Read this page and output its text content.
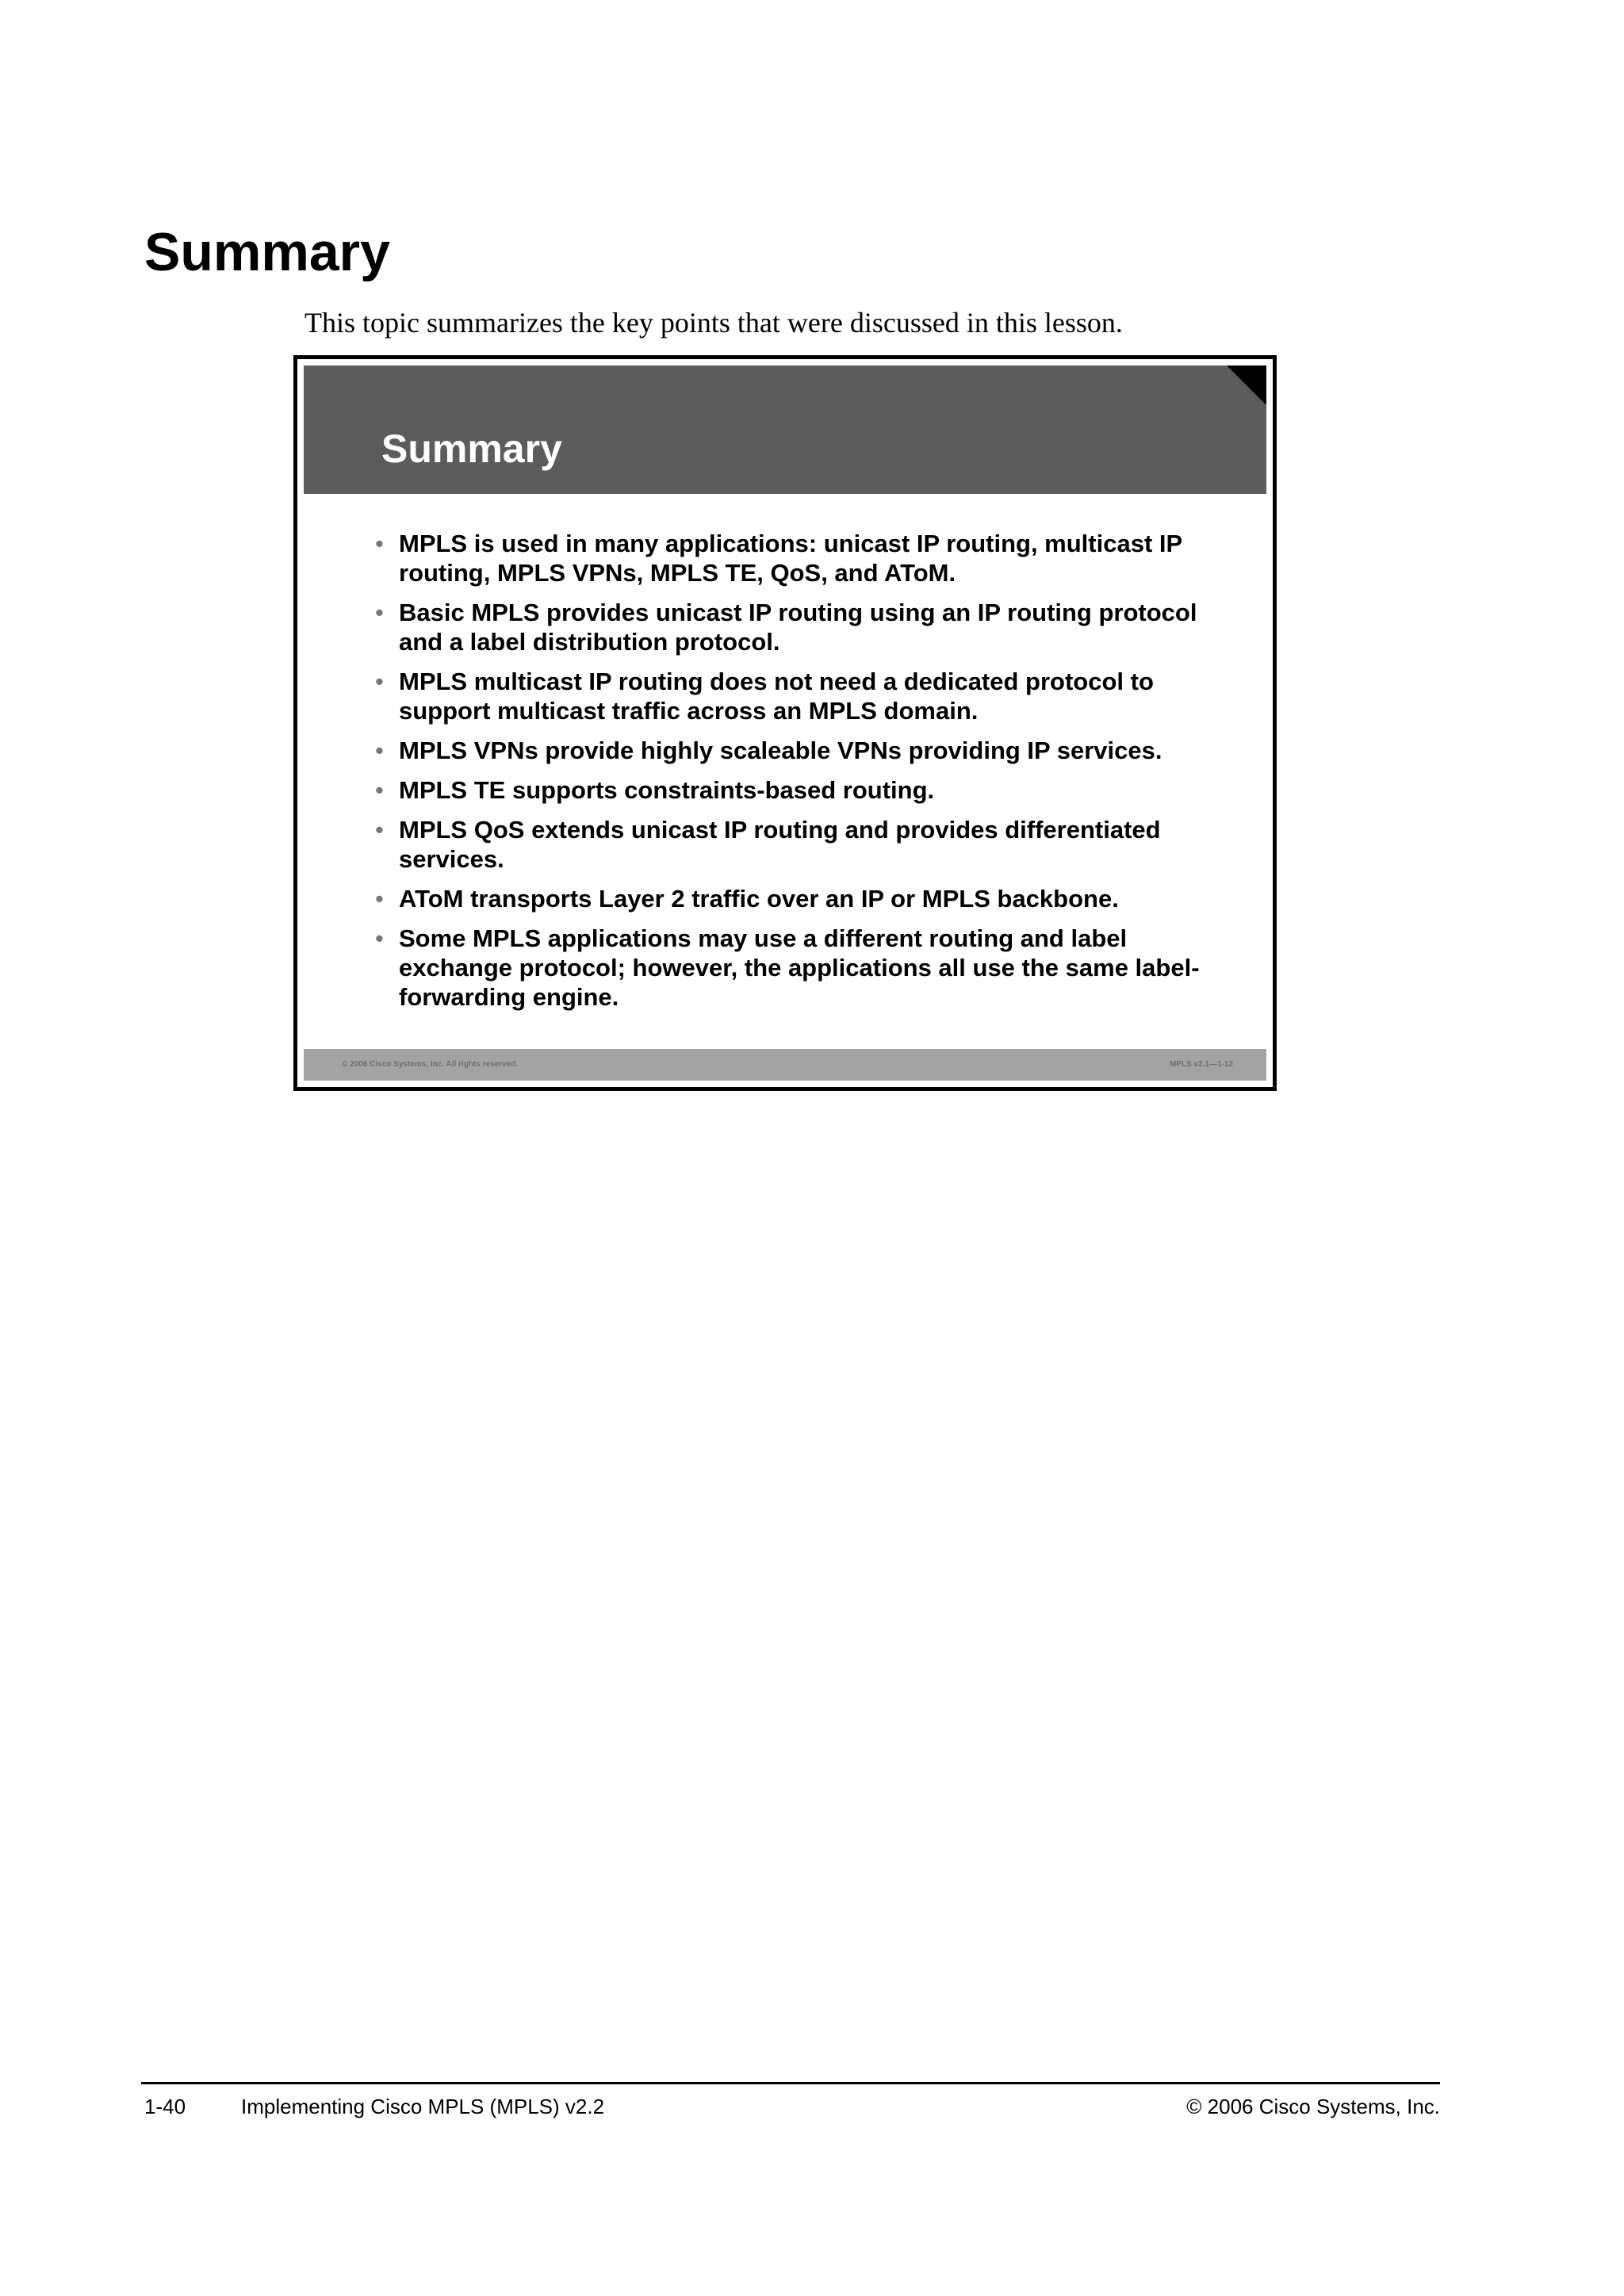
Summary

This topic summarizes the key points that were discussed in this lesson.

Summary
• MPLS is used in many applications: unicast IP routing, multicast IP routing, MPLS VPNs, MPLS TE, QoS, and AToM.
• Basic MPLS provides unicast IP routing using an IP routing protocol and a label distribution protocol.
• MPLS multicast IP routing does not need a dedicated protocol to support multicast traffic across an MPLS domain.
• MPLS VPNs provide highly scaleable VPNs providing IP services.
• MPLS TE supports constraints-based routing.
• MPLS QoS extends unicast IP routing and provides differentiated services.
• AToM transports Layer 2 traffic over an IP or MPLS backbone.
• Some MPLS applications may use a different routing and label exchange protocol; however, the applications all use the same label-forwarding engine.
© 2006 Cisco Systems, Inc. All rights reserved.	MPLS v2.1—1-12
1-40	Implementing Cisco MPLS (MPLS) v2.2	© 2006 Cisco Systems, Inc.
